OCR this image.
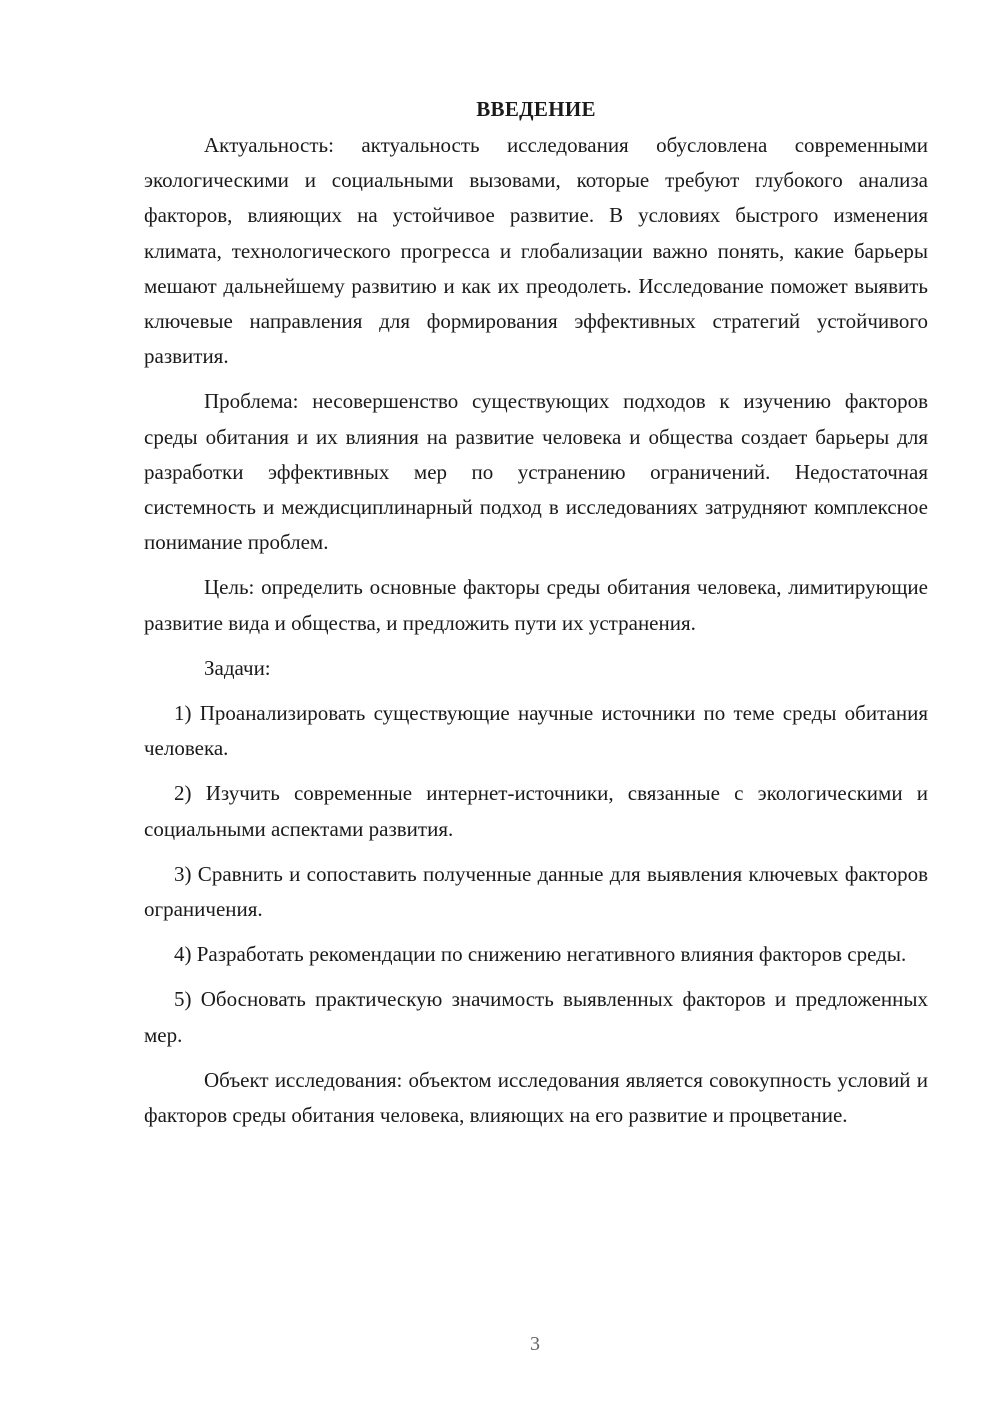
ВВЕДЕНИЕ

Актуальность: актуальность исследования обусловлена современными экологическими и социальными вызовами, которые требуют глубокого анализа факторов, влияющих на устойчивое развитие. В условиях быстрого изменения климата, технологического прогресса и глобализации важно понять, какие барьеры мешают дальнейшему развитию и как их преодолеть. Исследование поможет выявить ключевые направления для формирования эффективных стратегий устойчивого развития.

Проблема: несовершенство существующих подходов к изучению факторов среды обитания и их влияния на развитие человека и общества создает барьеры для разработки эффективных мер по устранению ограничений. Недостаточная системность и междисциплинарный подход в исследованиях затрудняют комплексное понимание проблем.

Цель: определить основные факторы среды обитания человека, лимитирующие развитие вида и общества, и предложить пути их устранения.

Задачи:

1) Проанализировать существующие научные источники по теме среды обитания человека.

2) Изучить современные интернет-источники, связанные с экологическими и социальными аспектами развития.

3) Сравнить и сопоставить полученные данные для выявления ключевых факторов ограничения.

4) Разработать рекомендации по снижению негативного влияния факторов среды.

5) Обосновать практическую значимость выявленных факторов и предложенных мер.

Объект исследования: объектом исследования является совокупность условий и факторов среды обитания человека, влияющих на его развитие и процветание.

3
